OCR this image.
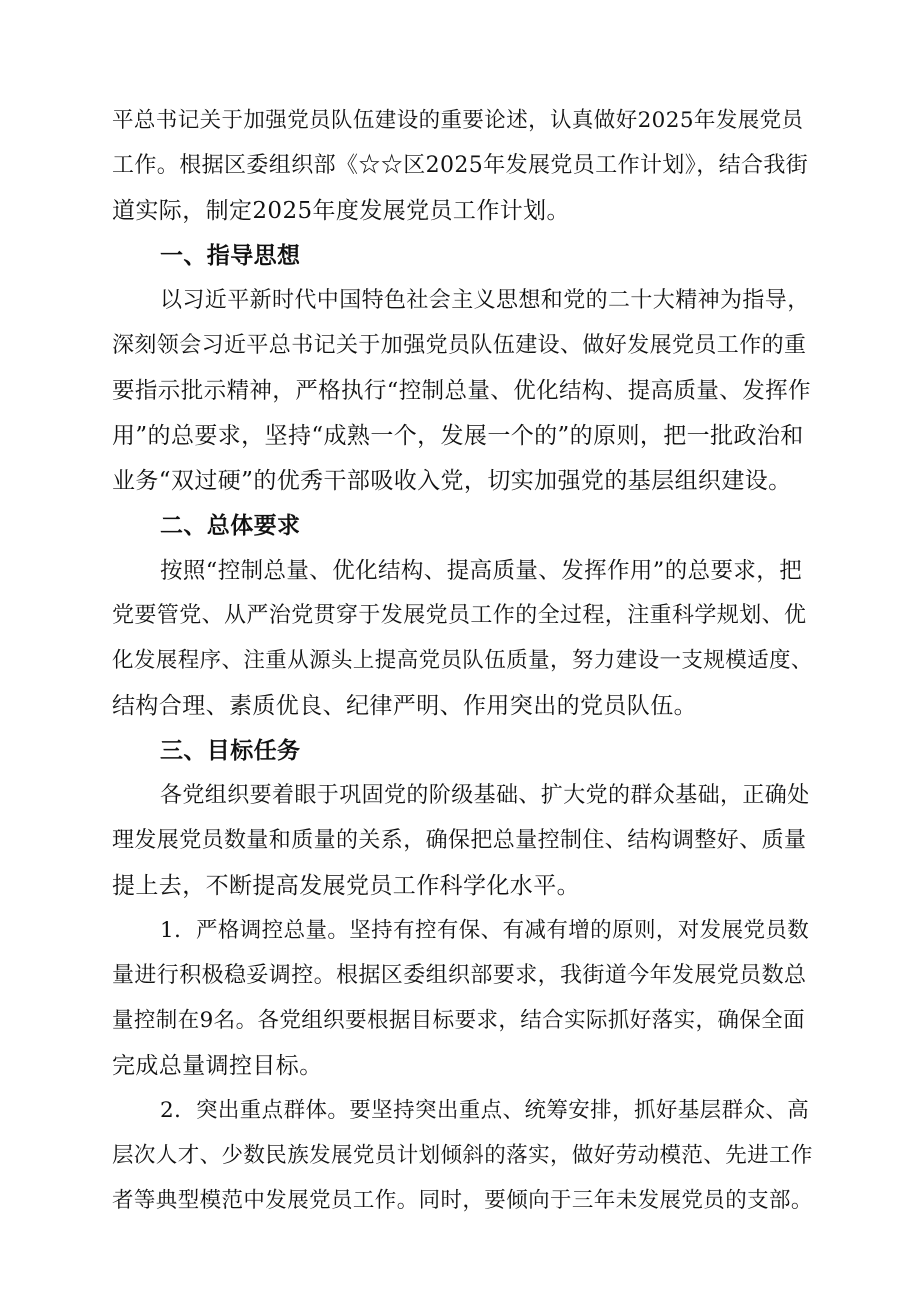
平总书记关于加强党员队伍建设的重要论述，认真做好2025年发展党员
工作。根据区委组织部《☆☆区2025年发展党员工作计划》，结合我街
道实际，制定2025年度发展党员工作计划。
一、指导思想
以习近平新时代中国特色社会主义思想和党的二十大精神为指导，
深刻领会习近平总书记关于加强党员队伍建设、做好发展党员工作的重
要指示批示精神，严格执行“控制总量、优化结构、提高质量、发挥作
用”的总要求，坚持“成熟一个，发展一个的”的原则，把一批政治和
业务“双过硬”的优秀干部吸收入党，切实加强党的基层组织建设。
二、总体要求
按照“控制总量、优化结构、提高质量、发挥作用”的总要求，把
党要管党、从严治党贯穿于发展党员工作的全过程，注重科学规划、优
化发展程序、注重从源头上提高党员队伍质量，努力建设一支规模适度、
结构合理、素质优良、纪律严明、作用突出的党员队伍。
三、目标任务
各党组织要着眼于巩固党的阶级基础、扩大党的群众基础，正确处
理发展党员数量和质量的关系，确保把总量控制住、结构调整好、质量
提上去，不断提高发展党员工作科学化水平。
1．严格调控总量。坚持有控有保、有减有增的原则，对发展党员数
量进行积极稳妥调控。根据区委组织部要求，我街道今年发展党员数总
量控制在9名。各党组织要根据目标要求，结合实际抓好落实，确保全面
完成总量调控目标。
2．突出重点群体。要坚持突出重点、统筹安排，抓好基层群众、高
层次人才、少数民族发展党员计划倾斜的落实，做好劳动模范、先进工作
者等典型模范中发展党员工作。同时，要倾向于三年未发展党员的支部。
